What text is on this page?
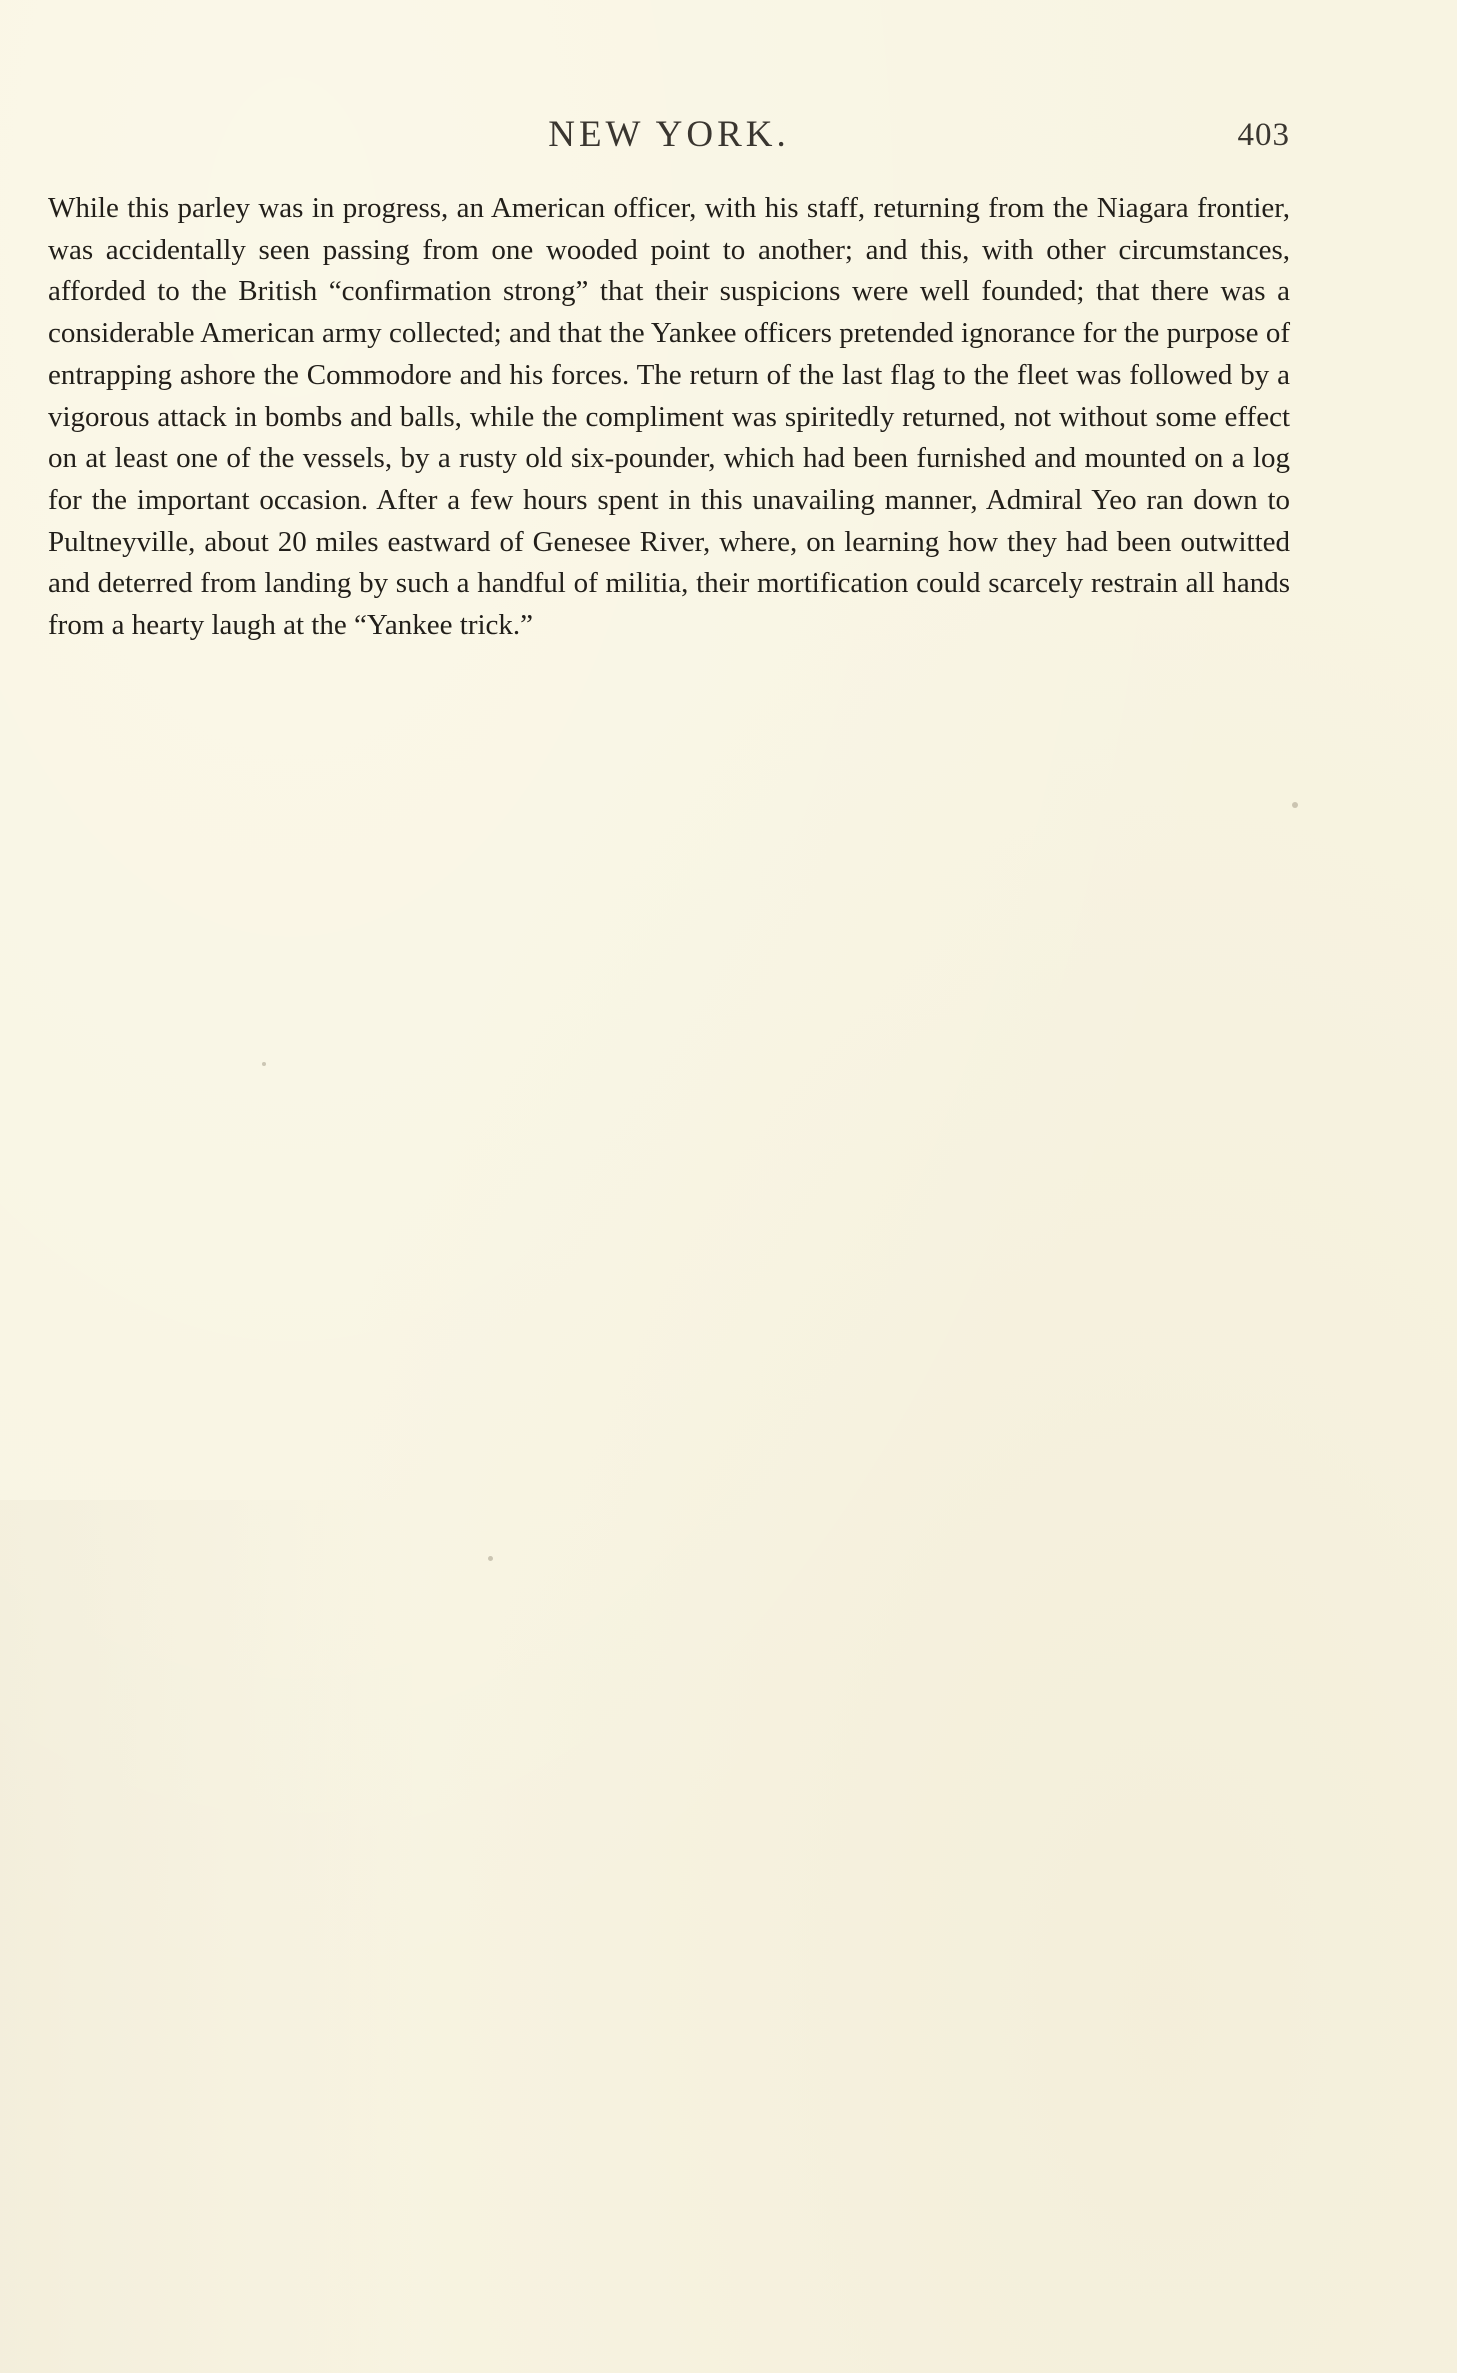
NEW YORK.	403

While this parley was in progress, an American officer, with his staff, returning from the Niagara frontier, was accidentally seen passing from one wooded point to another; and this, with other circumstances, afforded to the British “confirmation strong” that their suspicions were well founded; that there was a considerable American army collected; and that the Yankee officers pretended ignorance for the purpose of entrapping ashore the Commodore and his forces. The return of the last flag to the fleet was followed by a vigorous attack in bombs and balls, while the compliment was spiritedly returned, not without some effect on at least one of the vessels, by a rusty old six-pounder, which had been furnished and mounted on a log for the important occasion. After a few hours spent in this unavailing manner, Admiral Yeo ran down to Pultneyville, about 20 miles eastward of Genesee River, where, on learning how they had been outwitted and deterred from landing by such a handful of militia, their mortification could scarcely restrain all hands from a hearty laugh at the “Yankee trick.”
